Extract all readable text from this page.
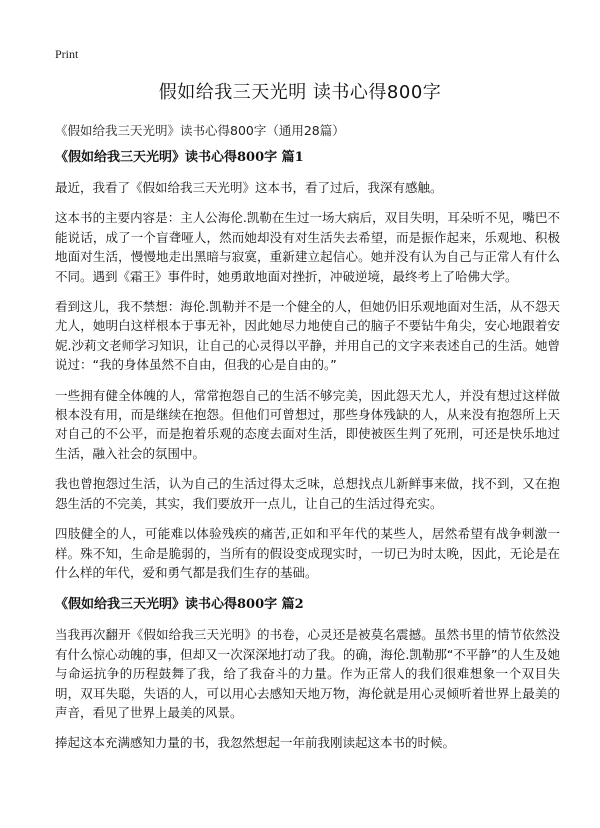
Print
假如给我三天光明 读书心得800字
《假如给我三天光明》读书心得800字（通用28篇）
《假如给我三天光明》读书心得800字 篇1

最近，我看了《假如给我三天光明》这本书，看了过后，我深有感触。

这本书的主要内容是：主人公海伦.凯勒在生过一场大病后，双目失明，耳朵听不见，嘴巴不能说话，成了一个盲聋哑人，然而她却没有对生活失去希望，而是振作起来，乐观地、积极地面对生活，慢慢地走出黑暗与寂寞，重新建立起信心。她并没有认为自己与正常人有什么不同。遇到《霜王》事件时，她勇敢地面对挫折，冲破逆境，最终考上了哈佛大学。

看到这儿，我不禁想：海伦.凯勒并不是一个健全的人，但她仍旧乐观地面对生活，从不怨天尤人，她明白这样根本于事无补，因此她尽力地使自己的脑子不要钻牛角尖，安心地跟着安妮.沙莉文老师学习知识，让自己的心灵得以平静，并用自己的文字来表述自己的生活。她曾说过：“我的身体虽然不自由，但我的心是自由的。”

一些拥有健全体魄的人，常常抱怨自己的生活不够完美，因此怨天尤人，并没有想过这样做根本没有用，而是继续在抱怨。但他们可曾想过，那些身体残缺的人，从来没有抱怨所上天对自己的不公平，而是抱着乐观的态度去面对生活，即使被医生判了死刑，可还是快乐地过生活，融入社会的氛围中。

我也曾抱怨过生活，认为自己的生活过得太乏味，总想找点儿新鲜事来做，找不到，又在抱怨生活的不完美，其实，我们要放开一点儿，让自己的生活过得充实。

四肢健全的人，可能难以体验残疾的痛苦,正如和平年代的某些人，居然希望有战争刺激一样。殊不知，生命是脆弱的，当所有的假设变成现实时，一切已为时太晚，因此，无论是在什么样的年代，爱和勇气都是我们生存的基础。

《假如给我三天光明》读书心得800字 篇2

当我再次翻开《假如给我三天光明》的书卷，心灵还是被莫名震撼。虽然书里的情节依然没有什么惊心动魄的事，但却又一次深深地打动了我。的确，海伦.凯勒那“不平静”的人生及她与命运抗争的历程鼓舞了我，给了我奋斗的力量。作为正常人的我们很难想象一个双目失明，双耳失聪，失语的人，可以用心去感知天地万物，海伦就是用心灵倾听着世界上最美的声音，看见了世界上最美的风景。

捧起这本充满感知力量的书，我忽然想起一年前我刚读起这本书的时候。
